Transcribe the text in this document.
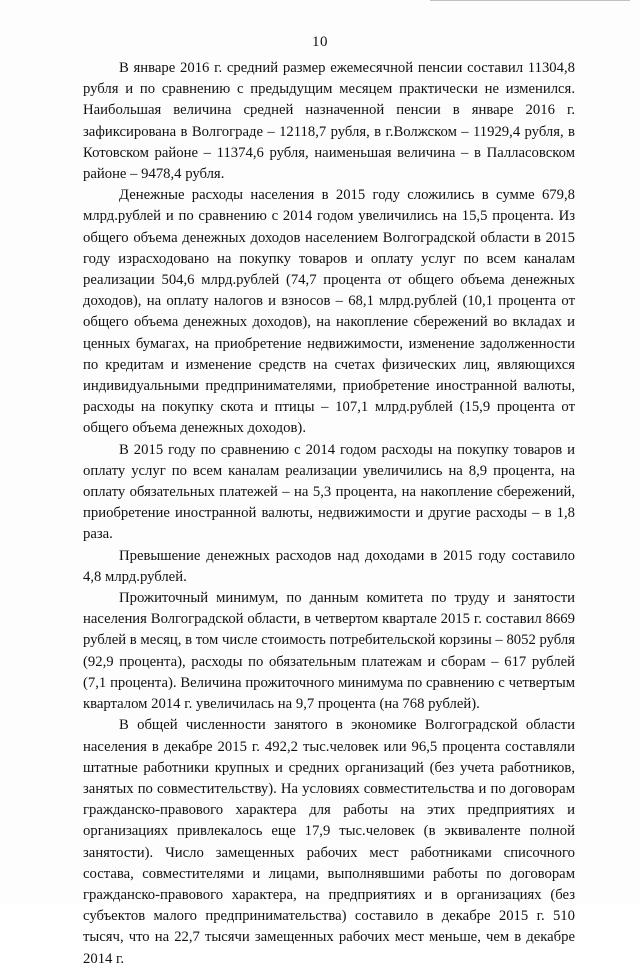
10

В январе 2016 г. средний размер ежемесячной пенсии составил 11304,8 рубля и по сравнению с предыдущим месяцем практически не изменился. Наибольшая величина средней назначенной пенсии в январе 2016 г. зафиксирована в Волгограде – 12118,7 рубля, в г.Волжском – 11929,4 рубля, в Котовском районе – 11374,6 рубля, наименьшая величина – в Палласовском районе – 9478,4 рубля.

Денежные расходы населения в 2015 году сложились в сумме 679,8 млрд.рублей и по сравнению с 2014 годом увеличились на 15,5 процента. Из общего объема денежных доходов населением Волгоградской области в 2015 году израсходовано на покупку товаров и оплату услуг по всем каналам реализации 504,6 млрд.рублей (74,7 процента от общего объема денежных доходов), на оплату налогов и взносов – 68,1 млрд.рублей (10,1 процента от общего объема денежных доходов), на накопление сбережений во вкладах и ценных бумагах, на приобретение недвижимости, изменение задолженности по кредитам и изменение средств на счетах физических лиц, являющихся индивидуальными предпринимателями, приобретение иностранной валюты, расходы на покупку скота и птицы – 107,1 млрд.рублей (15,9 процента от общего объема денежных доходов).

В 2015 году по сравнению с 2014 годом расходы на покупку товаров и оплату услуг по всем каналам реализации увеличились на 8,9 процента, на оплату обязательных платежей – на 5,3 процента, на накопление сбережений, приобретение иностранной валюты, недвижимости и другие расходы – в 1,8 раза.

Превышение денежных расходов над доходами в 2015 году составило 4,8 млрд.рублей.

Прожиточный минимум, по данным комитета по труду и занятости населения Волгоградской области, в четвертом квартале 2015 г. составил 8669 рублей в месяц, в том числе стоимость потребительской корзины – 8052 рубля (92,9 процента), расходы по обязательным платежам и сборам – 617 рублей (7,1 процента). Величина прожиточного минимума по сравнению с четвертым кварталом 2014 г. увеличилась на 9,7 процента (на 768 рублей).

В общей численности занятого в экономике Волгоградской области населения в декабре 2015 г. 492,2 тыс.человек или 96,5 процента составляли штатные работники крупных и средних организаций (без учета работников, занятых по совместительству). На условиях совместительства и по договорам гражданско-правового характера для работы на этих предприятиях и организациях привлекалось еще 17,9 тыс.человек (в эквиваленте полной занятости). Число замещенных рабочих мест работниками списочного состава, совместителями и лицами, выполнявшими работы по договорам гражданско-правового характера, на предприятиях и в организациях (без субъектов малого предпринимательства) составило в декабре 2015 г. 510 тысяч, что на 22,7 тысячи замещенных рабочих мест меньше, чем в декабре 2014 г.
